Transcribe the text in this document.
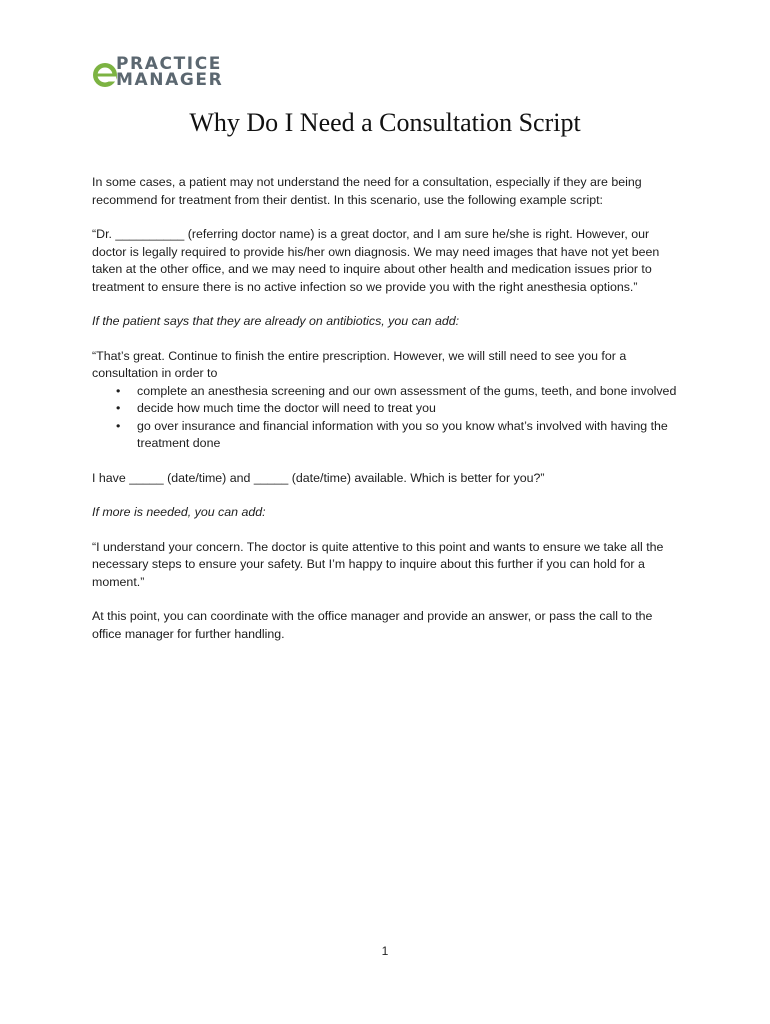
PRACTICE
MANAGER
Why Do I Need a Consultation Script

In some cases, a patient may not understand the need for a consultation, especially if they are being recommend for treatment from their dentist. In this scenario, use the following example script:

“Dr. __________ (referring doctor name) is a great doctor, and I am sure he/she is right. However, our doctor is legally required to provide his/her own diagnosis. We may need images that have not yet been taken at the other office, and we may need to inquire about other health and medication issues prior to treatment to ensure there is no active infection so we provide you with the right anesthesia options.”

If the patient says that they are already on antibiotics, you can add:

“That’s great. Continue to finish the entire prescription. However, we will still need to see you for a consultation in order to

• complete an anesthesia screening and our own assessment of the gums, teeth, and bone involved
• decide how much time the doctor will need to treat you
• go over insurance and financial information with you so you know what’s involved with having the treatment done

I have _____ (date/time) and _____ (date/time) available. Which is better for you?”

If more is needed, you can add:

“I understand your concern. The doctor is quite attentive to this point and wants to ensure we take all the necessary steps to ensure your safety. But I’m happy to inquire about this further if you can hold for a moment.”

At this point, you can coordinate with the office manager and provide an answer, or pass the call to the office manager for further handling.

1
